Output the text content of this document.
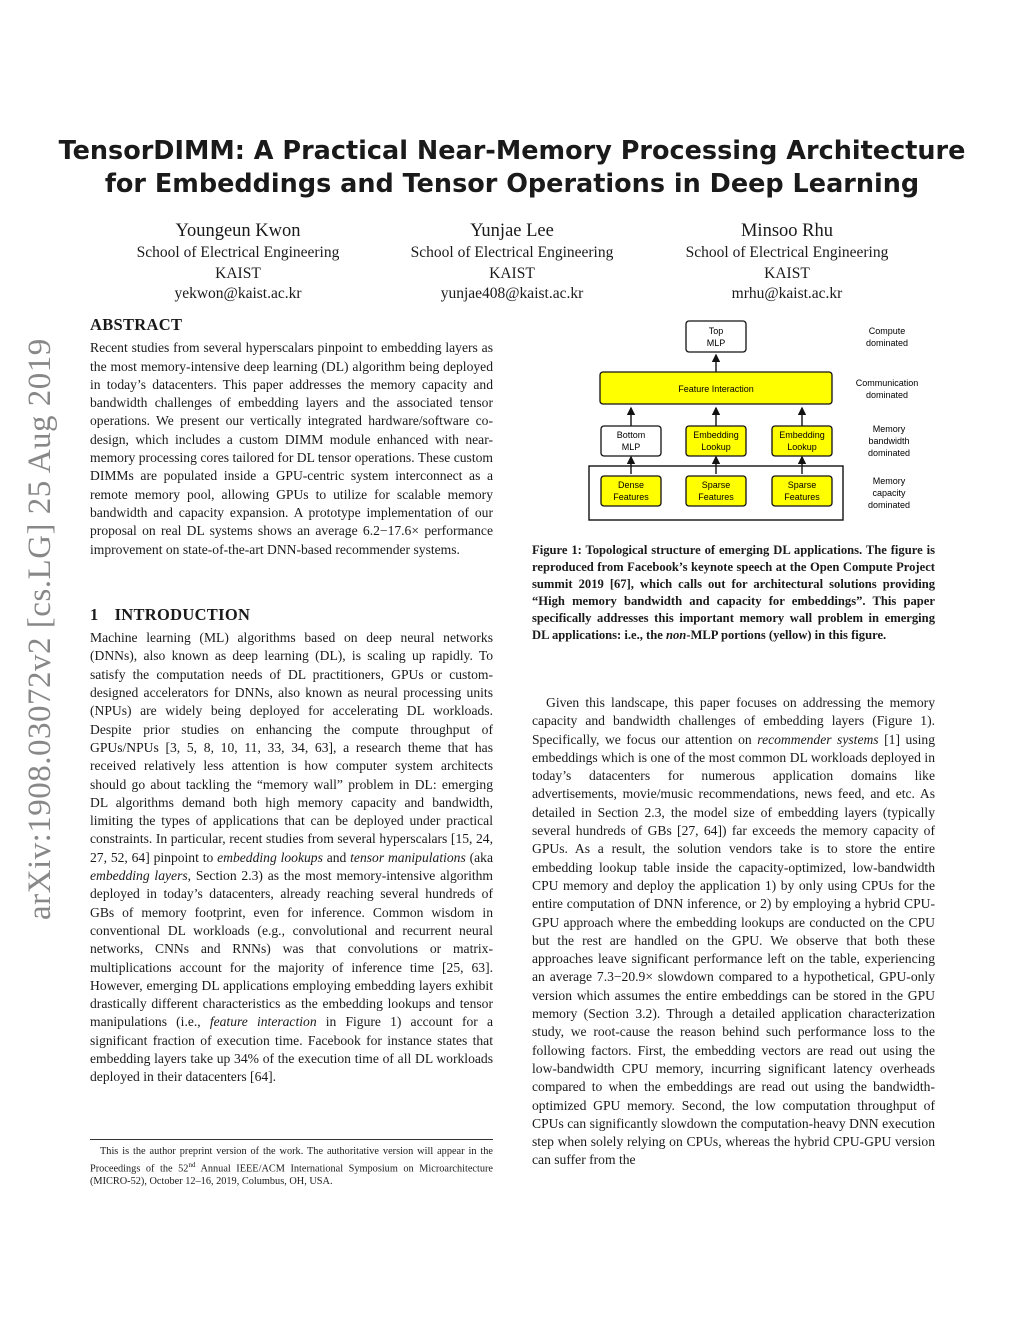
arXiv:1908.03072v2 [cs.LG] 25 Aug 2019
TensorDIMM: A Practical Near-Memory Processing Architecture
for Embeddings and Tensor Operations in Deep Learning
Youngeun Kwon
School of Electrical Engineering
KAIST
yekwon@kaist.ac.kr
Yunjae Lee
School of Electrical Engineering
KAIST
yunjae408@kaist.ac.kr
Minsoo Rhu
School of Electrical Engineering
KAIST
mrhu@kaist.ac.kr
ABSTRACT

Recent studies from several hyperscalars pinpoint to embedding layers as the most memory-intensive deep learning (DL) algorithm being deployed in today’s datacenters. This paper addresses the memory capacity and bandwidth challenges of embedding layers and the associated tensor operations. We present our vertically integrated hardware/software co-design, which includes a custom DIMM module enhanced with near-memory processing cores tailored for DL tensor operations. These custom DIMMs are populated inside a GPU-centric system interconnect as a remote memory pool, allowing GPUs to utilize for scalable memory bandwidth and capacity expansion. A prototype implementation of our proposal on real DL systems shows an average 6.2−17.6× performance improvement on state-of-the-art DNN-based recommender systems.

1 INTRODUCTION

Machine learning (ML) algorithms based on deep neural networks (DNNs), also known as deep learning (DL), is scaling up rapidly. To satisfy the computation needs of DL practitioners, GPUs or custom-designed accelerators for DNNs, also known as neural processing units (NPUs) are widely being deployed for accelerating DL workloads. Despite prior studies on enhancing the compute throughput of GPUs/NPUs [3, 5, 8, 10, 11, 33, 34, 63], a research theme that has received relatively less attention is how computer system architects should go about tackling the “memory wall” problem in DL: emerging DL algorithms demand both high memory capacity and bandwidth, limiting the types of applications that can be deployed under practical constraints. In particular, recent studies from several hyperscalars [15, 24, 27, 52, 64] pinpoint to embedding lookups and tensor manipulations (aka embedding layers, Section 2.3) as the most memory-intensive algorithm deployed in today’s datacenters, already reaching several hundreds of GBs of memory footprint, even for inference. Common wisdom in conventional DL workloads (e.g., convolutional and recurrent neural networks, CNNs and RNNs) was that convolutions or matrix-multiplications account for the majority of inference time [25, 63]. However, emerging DL applications employing embedding layers exhibit drastically different characteristics as the embedding lookups and tensor manipulations (i.e., feature interaction in Figure 1) account for a significant fraction of execution time. Facebook for instance states that embedding layers take up 34% of the execution time of all DL workloads deployed in their datacenters [64].

This is the author preprint version of the work. The authoritative version will appear in the Proceedings of the 52nd Annual IEEE/ACM International Symposium on Microarchitecture (MICRO-52), October 12–16, 2019, Columbus, OH, USA.

Top
MLP
Feature Interaction
Bottom
MLP
Embedding
Lookup
Embedding
Lookup
Dense
Features
Sparse
Features
Sparse
Features
Compute
dominated
Communication
dominated
Memory
bandwidth
dominated
Memory
capacity
dominated
Figure 1: Topological structure of emerging DL applications. The figure is reproduced from Facebook’s keynote speech at the Open Compute Project summit 2019 [67], which calls out for architectural solutions providing “High memory bandwidth and capacity for embeddings”. This paper specifically addresses this important memory wall problem in emerging DL applications: i.e., the non-MLP portions (yellow) in this figure.

Given this landscape, this paper focuses on addressing the memory capacity and bandwidth challenges of embedding layers (Figure 1). Specifically, we focus our attention on recommender systems [1] using embeddings which is one of the most common DL workloads deployed in today’s datacenters for numerous application domains like advertisements, movie/music recommendations, news feed, and etc. As detailed in Section 2.3, the model size of embedding layers (typically several hundreds of GBs [27, 64]) far exceeds the memory capacity of GPUs. As a result, the solution vendors take is to store the entire embedding lookup table inside the capacity-optimized, low-bandwidth CPU memory and deploy the application 1) by only using CPUs for the entire computation of DNN inference, or 2) by employing a hybrid CPU-GPU approach where the embedding lookups are conducted on the CPU but the rest are handled on the GPU. We observe that both these approaches leave significant performance left on the table, experiencing an average 7.3−20.9× slowdown compared to a hypothetical, GPU-only version which assumes the entire embeddings can be stored in the GPU memory (Section 3.2). Through a detailed application characterization study, we root-cause the reason behind such performance loss to the following factors. First, the embedding vectors are read out using the low-bandwidth CPU memory, incurring significant latency overheads compared to when the embeddings are read out using the bandwidth-optimized GPU memory. Second, the low computation throughput of CPUs can significantly slowdown the computation-heavy DNN execution step when solely relying on CPUs, whereas the hybrid CPU-GPU version can suffer from the
